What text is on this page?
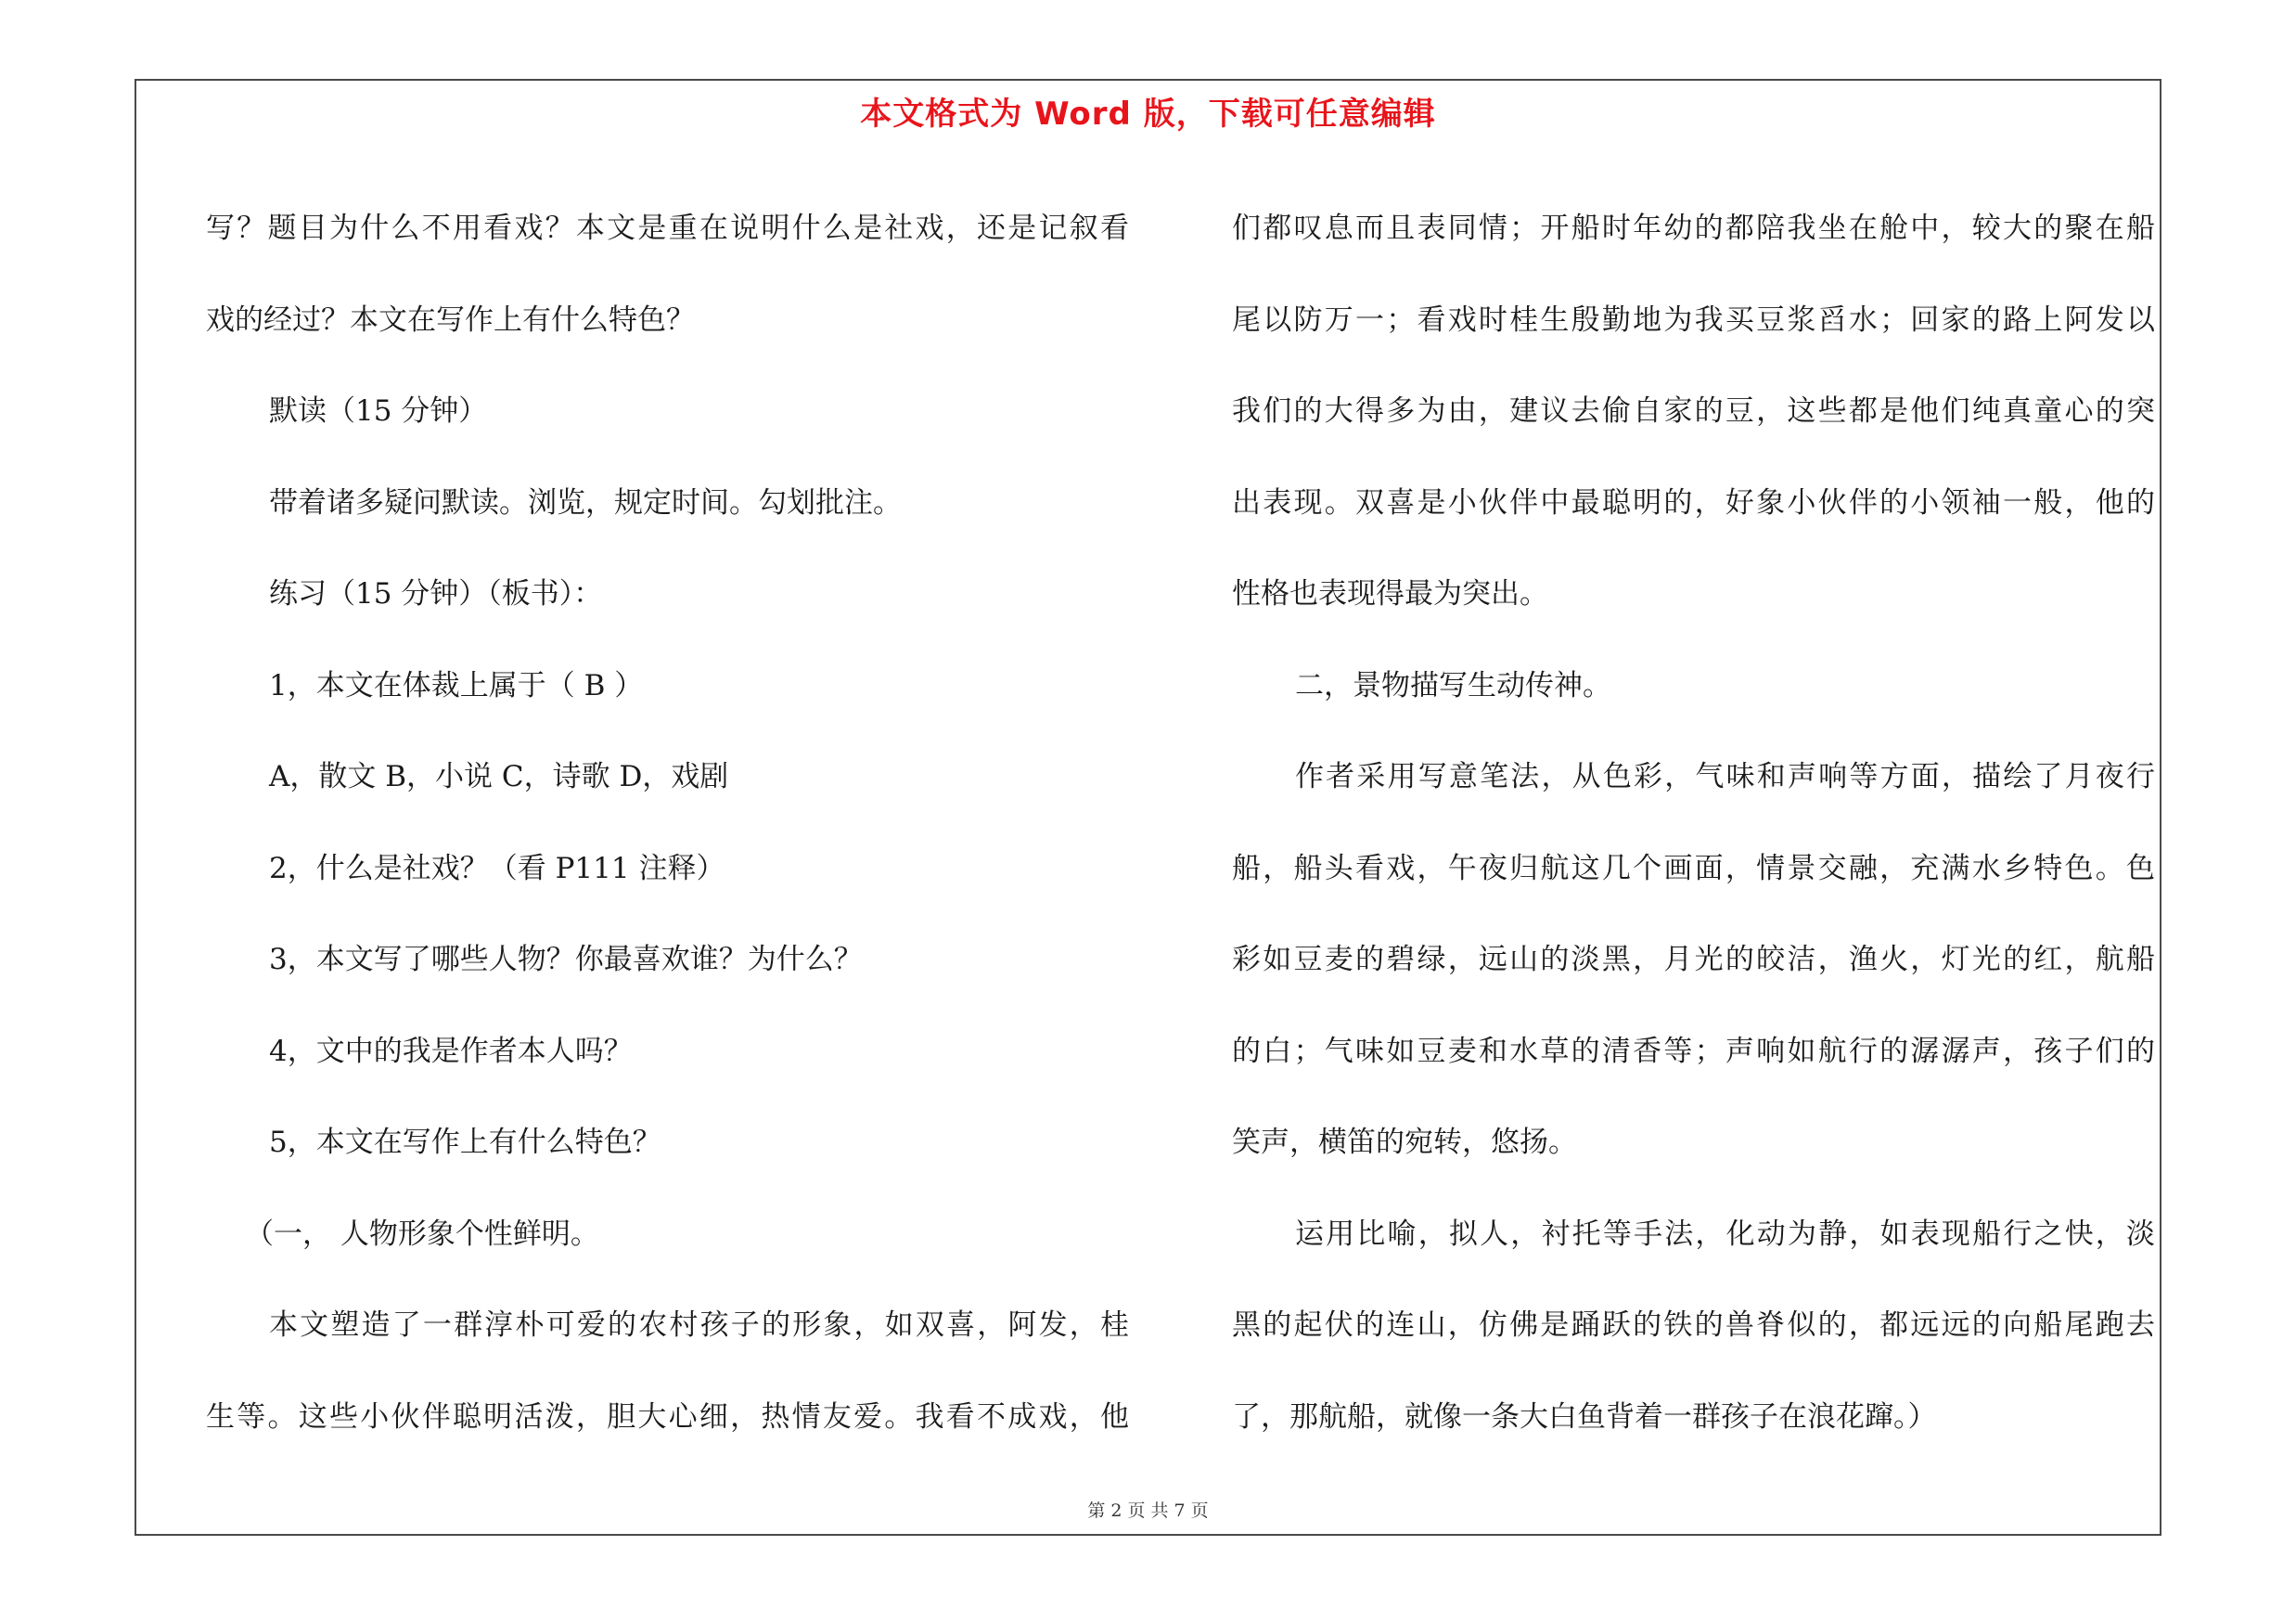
本文格式为 Word 版，下载可任意编辑

写？题目为什么不用看戏？本文是重在说明什么是社戏，还是记叙看

戏的经过？本文在写作上有什么特色？

默读（15 分钟）

带着诸多疑问默读。浏览，规定时间。勾划批注。

练习（15 分钟）（板书）：

1，本文在体裁上属于（ B ）

A，散文 B，小说 C，诗歌 D，戏剧

2，什么是社戏？（看 P111 注释）

3，本文写了哪些人物？你最喜欢谁？为什么？

4，文中的我是作者本人吗？

5，本文在写作上有什么特色？

（一， 人物形象个性鲜明。

本文塑造了一群淳朴可爱的农村孩子的形象，如双喜，阿发，桂

生等。这些小伙伴聪明活泼，胆大心细，热情友爱。我看不成戏，他

们都叹息而且表同情；开船时年幼的都陪我坐在舱中，较大的聚在船

尾以防万一；看戏时桂生殷勤地为我买豆浆舀水；回家的路上阿发以

我们的大得多为由，建议去偷自家的豆，这些都是他们纯真童心的突

出表现。双喜是小伙伴中最聪明的，好象小伙伴的小领袖一般，他的

性格也表现得最为突出。

二，景物描写生动传神。

作者采用写意笔法，从色彩，气味和声响等方面，描绘了月夜行

船，船头看戏，午夜归航这几个画面，情景交融，充满水乡特色。色

彩如豆麦的碧绿，远山的淡黑，月光的皎洁，渔火，灯光的红，航船

的白；气味如豆麦和水草的清香等；声响如航行的潺潺声，孩子们的

笑声，横笛的宛转，悠扬。

运用比喻，拟人，衬托等手法，化动为静，如表现船行之快，淡

黑的起伏的连山，仿佛是踊跃的铁的兽脊似的，都远远的向船尾跑去

了，那航船，就像一条大白鱼背着一群孩子在浪花蹿。）

第 2 页 共 7 页
